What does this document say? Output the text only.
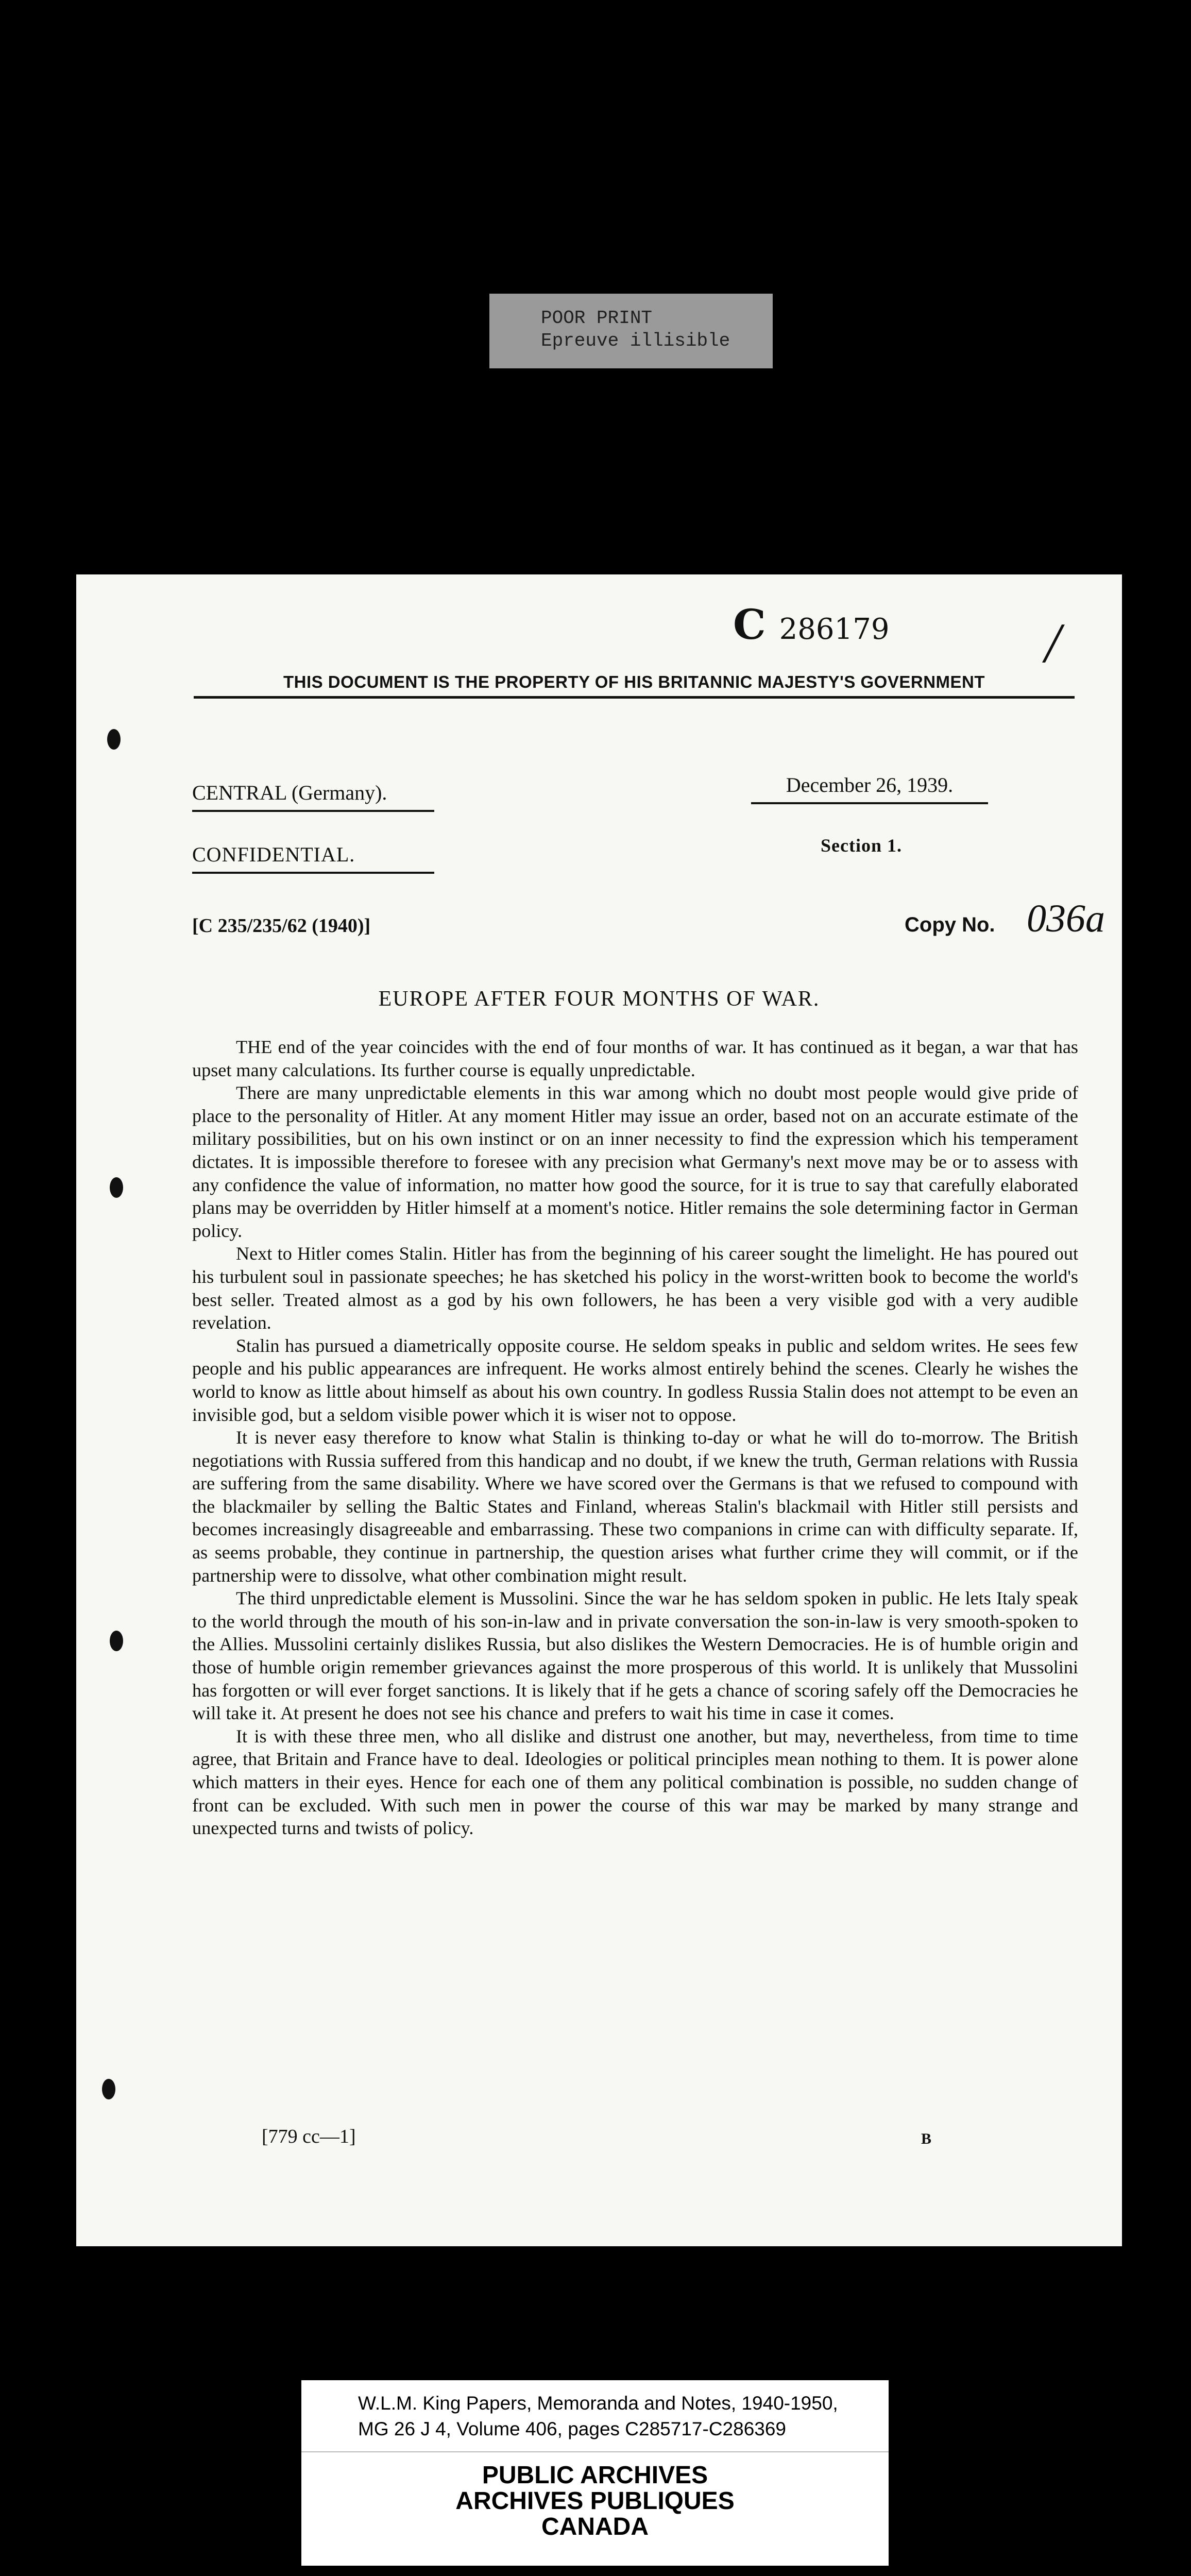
POOR PRINT
Epreuve illisible
C 286179	/
THIS DOCUMENT IS THE PROPERTY OF HIS BRITANNIC MAJESTY'S GOVERNMENT
CENTRAL (Germany).	December 26, 1939.
CONFIDENTIAL.	Section 1.
[C 235/235/62 (1940)]	Copy No. 036a
EUROPE AFTER FOUR MONTHS OF WAR.

THE end of the year coincides with the end of four months of war. It has continued as it began, a war that has upset many calculations. Its further course is equally unpredictable.

There are many unpredictable elements in this war among which no doubt most people would give pride of place to the personality of Hitler. At any moment Hitler may issue an order, based not on an accurate estimate of the military possibilities, but on his own instinct or on an inner necessity to find the expression which his temperament dictates. It is impossible therefore to foresee with any precision what Germany's next move may be or to assess with any confidence the value of information, no matter how good the source, for it is true to say that carefully elaborated plans may be overridden by Hitler himself at a moment's notice. Hitler remains the sole determining factor in German policy.

Next to Hitler comes Stalin. Hitler has from the beginning of his career sought the limelight. He has poured out his turbulent soul in passionate speeches; he has sketched his policy in the worst-written book to become the world's best seller. Treated almost as a god by his own followers, he has been a very visible god with a very audible revelation.

Stalin has pursued a diametrically opposite course. He seldom speaks in public and seldom writes. He sees few people and his public appearances are infrequent. He works almost entirely behind the scenes. Clearly he wishes the world to know as little about himself as about his own country. In godless Russia Stalin does not attempt to be even an invisible god, but a seldom visible power which it is wiser not to oppose.

It is never easy therefore to know what Stalin is thinking to-day or what he will do to-morrow. The British negotiations with Russia suffered from this handicap and no doubt, if we knew the truth, German relations with Russia are suffering from the same disability. Where we have scored over the Germans is that we refused to compound with the blackmailer by selling the Baltic States and Finland, whereas Stalin's blackmail with Hitler still persists and becomes increasingly disagreeable and embarrassing. These two companions in crime can with difficulty separate. If, as seems probable, they continue in partnership, the question arises what further crime they will commit, or if the partnership were to dissolve, what other combination might result.

The third unpredictable element is Mussolini. Since the war he has seldom spoken in public. He lets Italy speak to the world through the mouth of his son-in-law and in private conversation the son-in-law is very smooth-spoken to the Allies. Mussolini certainly dislikes Russia, but also dislikes the Western Democracies. He is of humble origin and those of humble origin remember grievances against the more prosperous of this world. It is unlikely that Mussolini has forgotten or will ever forget sanctions. It is likely that if he gets a chance of scoring safely off the Democracies he will take it. At present he does not see his chance and prefers to wait his time in case it comes.

It is with these three men, who all dislike and distrust one another, but may, nevertheless, from time to time agree, that Britain and France have to deal. Ideologies or political principles mean nothing to them. It is power alone which matters in their eyes. Hence for each one of them any political combination is possible, no sudden change of front can be excluded. With such men in power the course of this war may be marked by many strange and unexpected turns and twists of policy.

[779 cc—1]	B
W.L.M. King Papers, Memoranda and Notes, 1940-1950,
MG 26 J 4, Volume 406, pages C285717-C286369
PUBLIC ARCHIVES
ARCHIVES PUBLIQUES
CANADA
